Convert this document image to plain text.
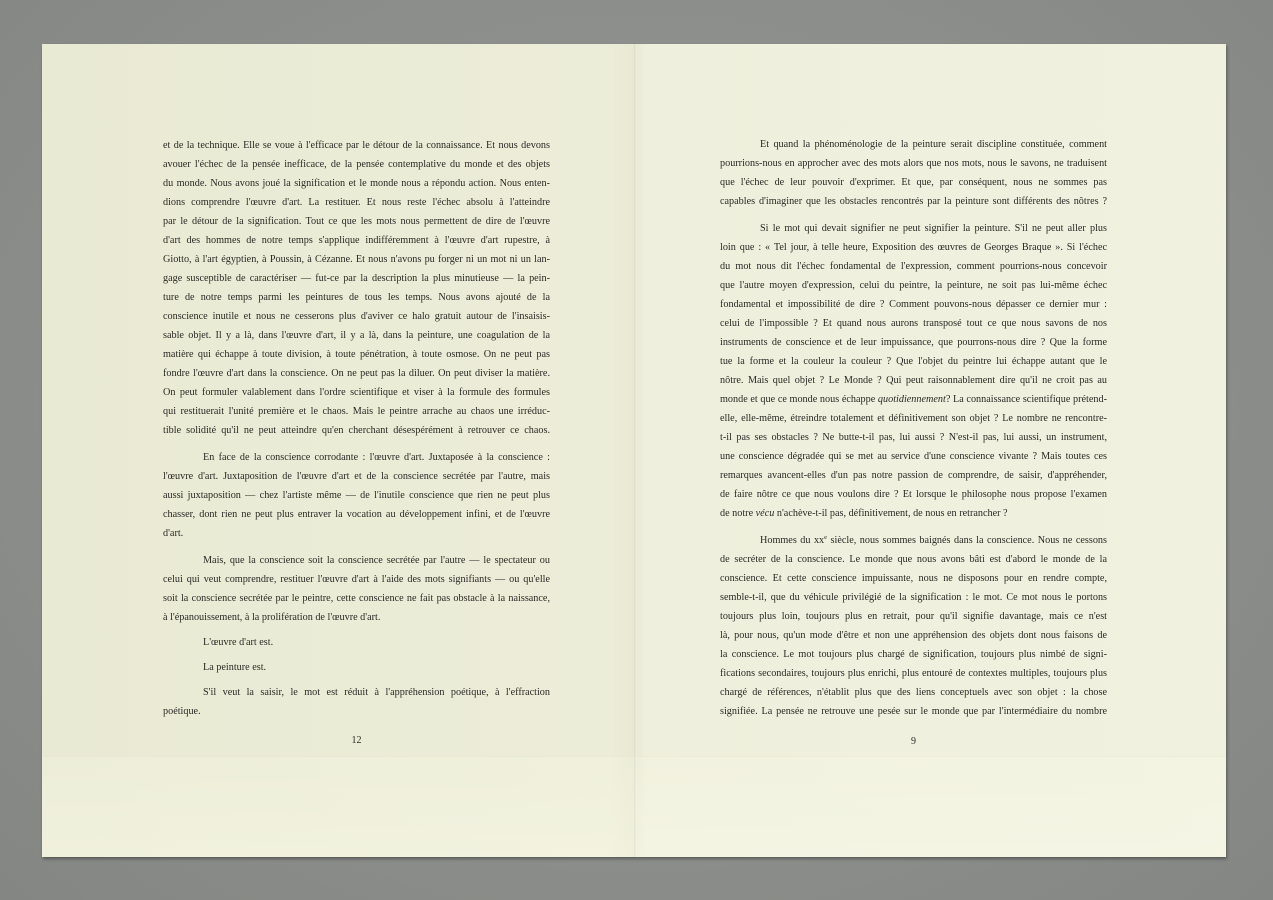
et de la technique. Elle se voue à l'efficace par le détour de la connaissance. Et nous devons
avouer l'échec de la pensée inefficace, de la pensée contemplative du monde et des objets
du monde. Nous avons joué la signification et le monde nous a répondu action. Nous enten-
dions comprendre l'œuvre d'art. La restituer. Et nous reste l'échec absolu à l'atteindre
par le détour de la signification. Tout ce que les mots nous permettent de dire de l'œuvre
d'art des hommes de notre temps s'applique indifféremment à l'œuvre d'art rupestre, à
Giotto, à l'art égyptien, à Poussin, à Cézanne. Et nous n'avons pu forger ni un mot ni un lan-
gage susceptible de caractériser — fut-ce par la description la plus minutieuse — la pein-
ture de notre temps parmi les peintures de tous les temps. Nous avons ajouté de la
conscience inutile et nous ne cesserons plus d'aviver ce halo gratuit autour de l'insaisis-
sable objet. Il y a là, dans l'œuvre d'art, il y a là, dans la peinture, une coagulation de la
matière qui échappe à toute division, à toute pénétration, à toute osmose. On ne peut pas
fondre l'œuvre d'art dans la conscience. On ne peut pas la diluer. On peut diviser la matière.
On peut formuler valablement dans l'ordre scientifique et viser à la formule des formules
qui restituerait l'unité première et le chaos. Mais le peintre arrache au chaos une irréduc-
tible solidité qu'il ne peut atteindre qu'en cherchant désespérément à retrouver ce chaos.
En face de la conscience corrodante : l'œuvre d'art. Juxtaposée à la conscience :
l'œuvre d'art. Juxtaposition de l'œuvre d'art et de la conscience secrétée par l'autre, mais
aussi juxtaposition — chez l'artiste même — de l'inutile conscience que rien ne peut plus
chasser, dont rien ne peut plus entraver la vocation au développement infini, et de l'œuvre
d'art.
Mais, que la conscience soit la conscience secrétée par l'autre — le spectateur ou
celui qui veut comprendre, restituer l'œuvre d'art à l'aide des mots signifiants — ou qu'elle
soit la conscience secrétée par le peintre, cette conscience ne fait pas obstacle à la naissance,
à l'épanouissement, à la prolifération de l'œuvre d'art.
L'œuvre d'art est.
La peinture est.
S'il veut la saisir, le mot est réduit à l'appréhension poétique, à l'effraction
poétique.
12
Et quand la phénoménologie de la peinture serait discipline constituée, comment
pourrions-nous en approcher avec des mots alors que nos mots, nous le savons, ne traduisent
que l'échec de leur pouvoir d'exprimer. Et que, par conséquent, nous ne sommes pas
capables d'imaginer que les obstacles rencontrés par la peinture sont différents des nôtres ?
Si le mot qui devait signifier ne peut signifier la peinture. S'il ne peut aller plus
loin que : « Tel jour, à telle heure, Exposition des œuvres de Georges Braque ». Si l'échec
du mot nous dit l'échec fondamental de l'expression, comment pourrions-nous concevoir
que l'autre moyen d'expression, celui du peintre, la peinture, ne soit pas lui-même échec
fondamental et impossibilité de dire ? Comment pouvons-nous dépasser ce dernier mur :
celui de l'impossible ? Et quand nous aurons transposé tout ce que nous savons de nos
instruments de conscience et de leur impuissance, que pourrons-nous dire ? Que la forme
tue la forme et la couleur la couleur ? Que l'objet du peintre lui échappe autant que le
nôtre. Mais quel objet ? Le Monde ? Qui peut raisonnablement dire qu'il ne croit pas au
monde et que ce monde nous échappe quotidiennement? La connaissance scientifique prétend-
elle, elle-même, étreindre totalement et définitivement son objet ? Le nombre ne rencontre-
t-il pas ses obstacles ? Ne butte-t-il pas, lui aussi ? N'est-il pas, lui aussi, un instrument,
une conscience dégradée qui se met au service d'une conscience vivante ? Mais toutes ces
remarques avancent-elles d'un pas notre passion de comprendre, de saisir, d'appréhender,
de faire nôtre ce que nous voulons dire ? Et lorsque le philosophe nous propose l'examen
de notre vécu n'achève-t-il pas, définitivement, de nous en retrancher ?
Hommes du $xx^e$ siècle, nous sommes baignés dans la conscience. Nous ne cessons
de secréter de la conscience. Le monde que nous avons bâti est d'abord le monde de la
conscience. Et cette conscience impuissante, nous ne disposons pour en rendre compte,
semble-t-il, que du véhicule privilégié de la signification : le mot. Ce mot nous le portons
toujours plus loin, toujours plus en retrait, pour qu'il signifie davantage, mais ce n'est
là, pour nous, qu'un mode d'être et non une appréhension des objets dont nous faisons de
la conscience. Le mot toujours plus chargé de signification, toujours plus nimbé de signi-
fications secondaires, toujours plus enrichi, plus entouré de contextes multiples, toujours plus
chargé de références, n'établit plus que des liens conceptuels avec son objet : la chose
signifiée. La pensée ne retrouve une pesée sur le monde que par l'intermédiaire du nombre
9
